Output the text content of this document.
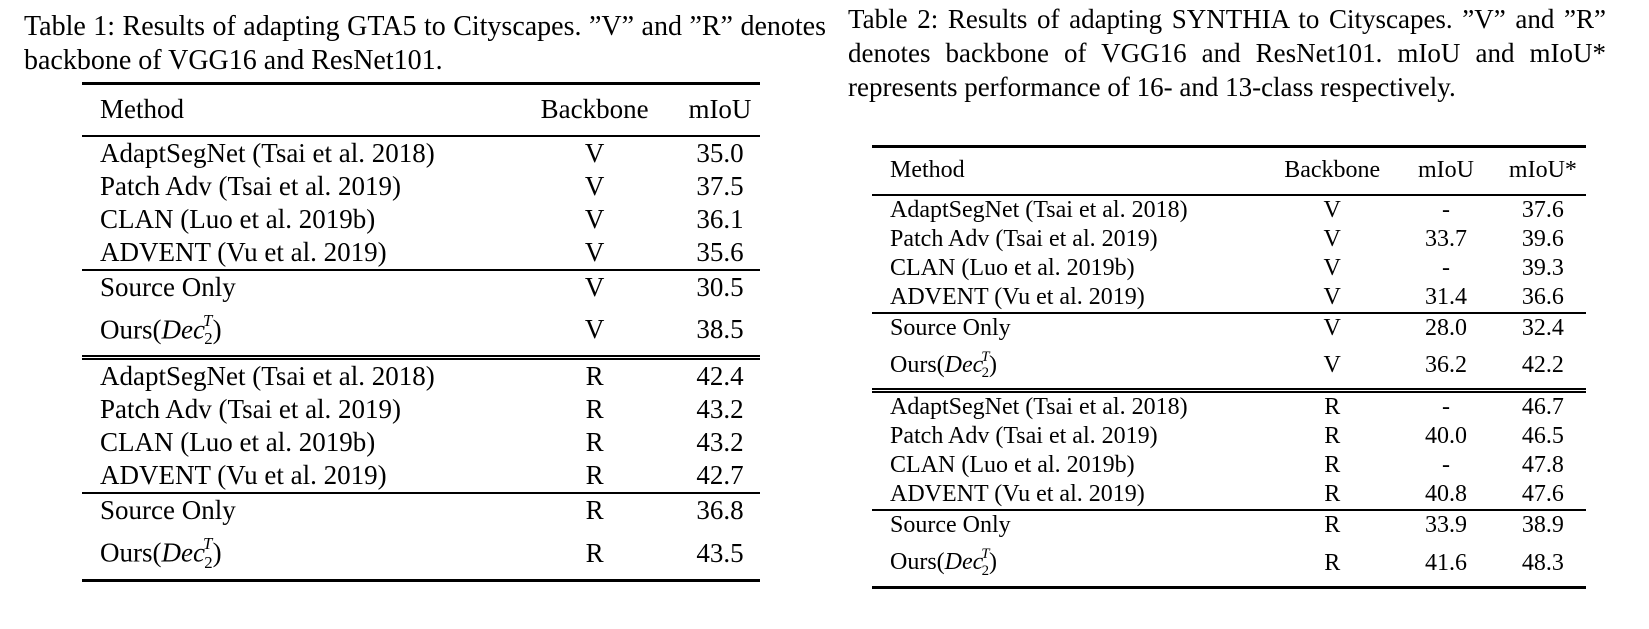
Table 1: Results of adapting GTA5 to Cityscapes. ”V” and ”R” denotes backbone of VGG16 and ResNet101.

Method	Backbone	mIoU
AdaptSegNet (Tsai et al. 2018)	V	35.0
Patch Adv (Tsai et al. 2019)	V	37.5
CLAN (Luo et al. 2019b)	V	36.1
ADVENT (Vu et al. 2019)	V	35.6
Source Only	V	30.5
Ours(Dec$^T_2$)	V	38.5
AdaptSegNet (Tsai et al. 2018)	R	42.4
Patch Adv (Tsai et al. 2019)	R	43.2
CLAN (Luo et al. 2019b)	R	43.2
ADVENT (Vu et al. 2019)	R	42.7
Source Only	R	36.8
Ours(Dec$^T_2$)	R	43.5

Table 2: Results of adapting SYNTHIA to Cityscapes. ”V” and ”R” denotes backbone of VGG16 and ResNet101. mIoU and mIoU* represents performance of 16- and 13-class respectively.

Method	Backbone	mIoU	mIoU*
AdaptSegNet (Tsai et al. 2018)	V	-	37.6
Patch Adv (Tsai et al. 2019)	V	33.7	39.6
CLAN (Luo et al. 2019b)	V	-	39.3
ADVENT (Vu et al. 2019)	V	31.4	36.6
Source Only	V	28.0	32.4
Ours(Dec$^T_2$)	V	36.2	42.2
AdaptSegNet (Tsai et al. 2018)	R	-	46.7
Patch Adv (Tsai et al. 2019)	R	40.0	46.5
CLAN (Luo et al. 2019b)	R	-	47.8
ADVENT (Vu et al. 2019)	R	40.8	47.6
Source Only	R	33.9	38.9
Ours(Dec$^T_2$)	R	41.6	48.3
